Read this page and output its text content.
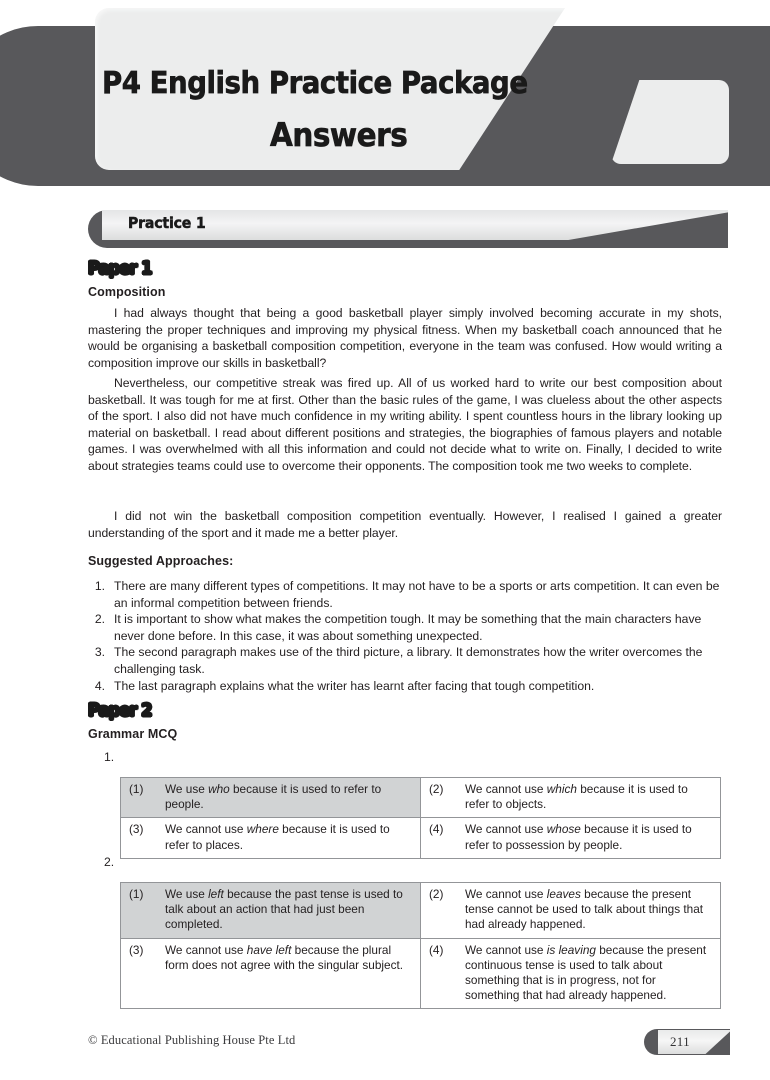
P4 English Practice Package
Answers
Practice 1
Paper 1
Composition
I had always thought that being a good basketball player simply involved becoming accurate in my shots, mastering the proper techniques and improving my physical fitness. When my basketball coach announced that he would be organising a basketball composition competition, everyone in the team was confused. How would writing a composition improve our skills in basketball?
Nevertheless, our competitive streak was fired up. All of us worked hard to write our best composition about basketball. It was tough for me at first. Other than the basic rules of the game, I was clueless about the other aspects of the sport. I also did not have much confidence in my writing ability. I spent countless hours in the library looking up material on basketball. I read about different positions and strategies, the biographies of famous players and notable games. I was overwhelmed with all this information and could not decide what to write on. Finally, I decided to write about strategies teams could use to overcome their opponents. The composition took me two weeks to complete.
I did not win the basketball composition competition eventually. However, I realised I gained a greater understanding of the sport and it made me a better player.
Suggested Approaches:
1. There are many different types of competitions. It may not have to be a sports or arts competition. It can even be an informal competition between friends.
2. It is important to show what makes the competition tough. It may be something that the main characters have never done before. In this case, it was about something unexpected.
3. The second paragraph makes use of the third picture, a library. It demonstrates how the writer overcomes the challenging task.
4. The last paragraph explains what the writer has learnt after facing that tough competition.
Paper 2
Grammar MCQ
1.
(1)	We use who because it is used to refer to people.	(2)	We cannot use which because it is used to refer to objects.
(3)	We cannot use where because it is used to refer to places.	(4)	We cannot use whose because it is used to refer to possession by people.
2.
(1)	We use left because the past tense is used to talk about an action that had just been completed.	(2)	We cannot use leaves because the present tense cannot be used to talk about things that had already happened.
(3)	We cannot use have left because the plural form does not agree with the singular subject.	(4)	We cannot use is leaving because the present continuous tense is used to talk about something that is in progress, not for something that had already happened.
© Educational Publishing House Pte Ltd	211
